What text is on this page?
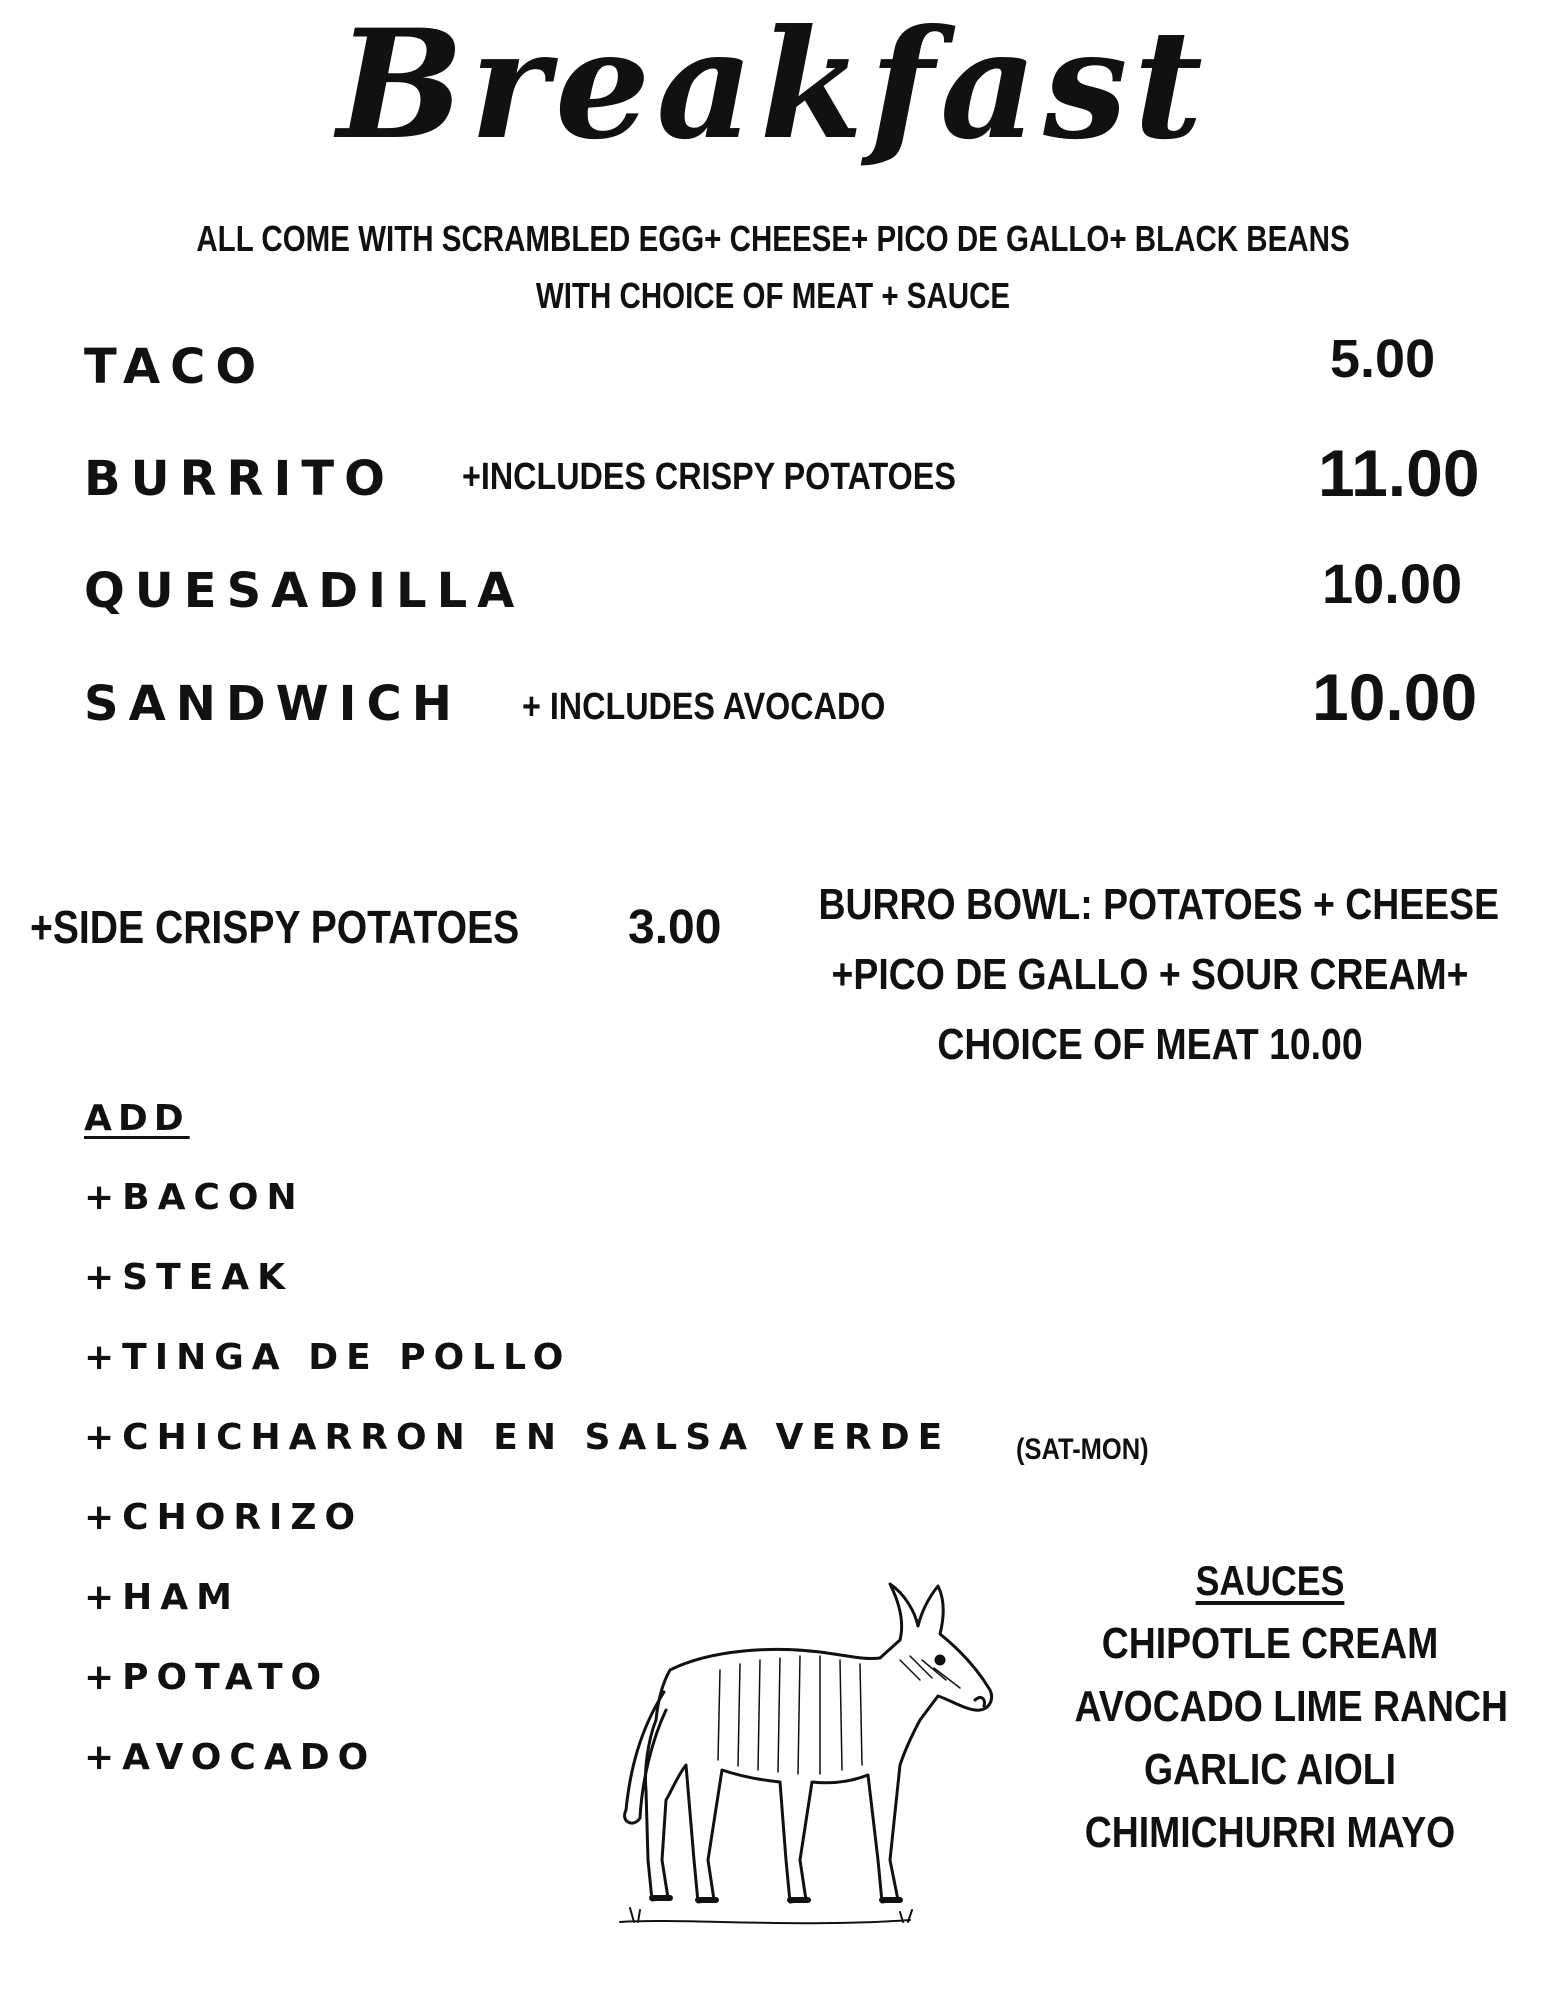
Breakfast
ALL COME WITH SCRAMBLED EGG+ CHEESE+ PICO DE GALLO+ BLACK BEANS
WITH CHOICE OF MEAT + SAUCE
TACO	5.00
BURRITO +INCLUDES CRISPY POTATOES	11.00
QUESADILLA	10.00
SANDWICH + INCLUDES AVOCADO	10.00
+SIDE CRISPY POTATOES 3.00 BURRO BOWL: POTATOES + CHEESE
+PICO DE GALLO + SOUR CREAM+
CHOICE OF MEAT 10.00
ADD
+BACON
+STEAK
+TINGA DE POLLO
+CHICHARRON EN SALSA VERDE
+CHORIZO
+HAM
+POTATO
+AVOCADO
(SAT-MON)
SAUCES
CHIPOTLE CREAM
AVOCADO LIME RANCH
GARLIC AIOLI
CHIMICHURRI MAYO
